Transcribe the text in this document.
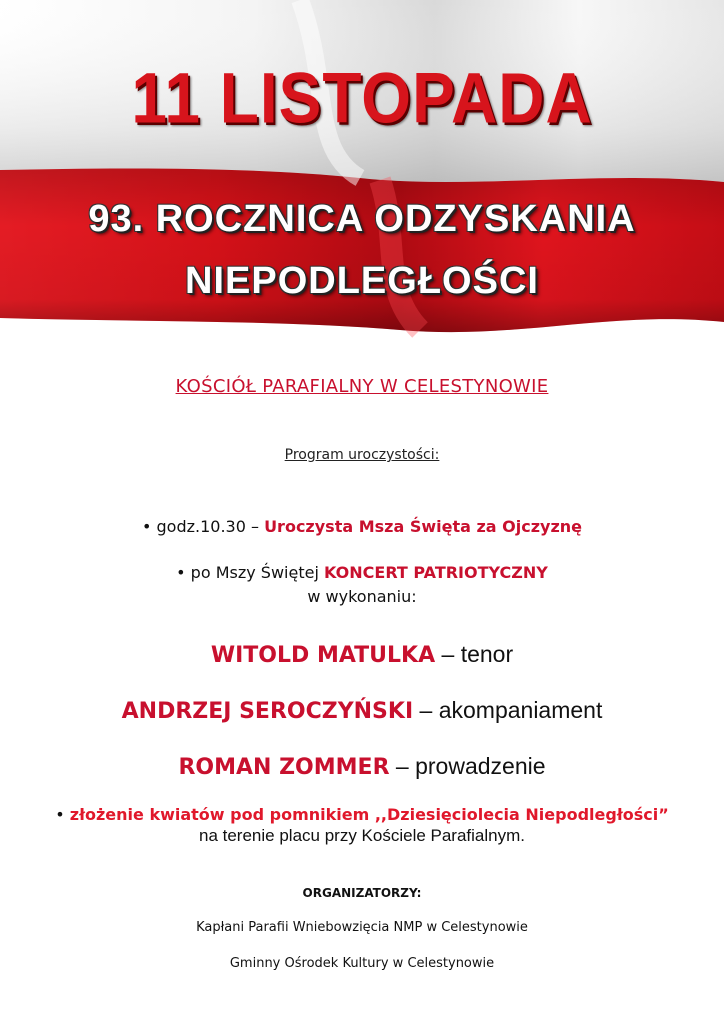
11 LISTOPADA
93. ROCZNICA ODZYSKANIA
NIEPODLEGŁOŚCI
KOŚCIÓŁ PARAFIALNY W CELESTYNOWIE
Program uroczystości:
• godz.10.30 – Uroczysta Msza Święta za Ojczyznę
• po Mszy Świętej KONCERT PATRIOTYCZNY
w wykonaniu:
WITOLD MATULKA – tenor
ANDRZEJ SEROCZYŃSKI – akompaniament
ROMAN ZOMMER – prowadzenie
• złożenie kwiatów pod pomnikiem ,,Dziesięciolecia Niepodległości”
na terenie placu przy Kościele Parafialnym.
ORGANIZATORZY:
Kapłani Parafii Wniebowzięcia NMP w Celestynowie
Gminny Ośrodek Kultury w Celestynowie
